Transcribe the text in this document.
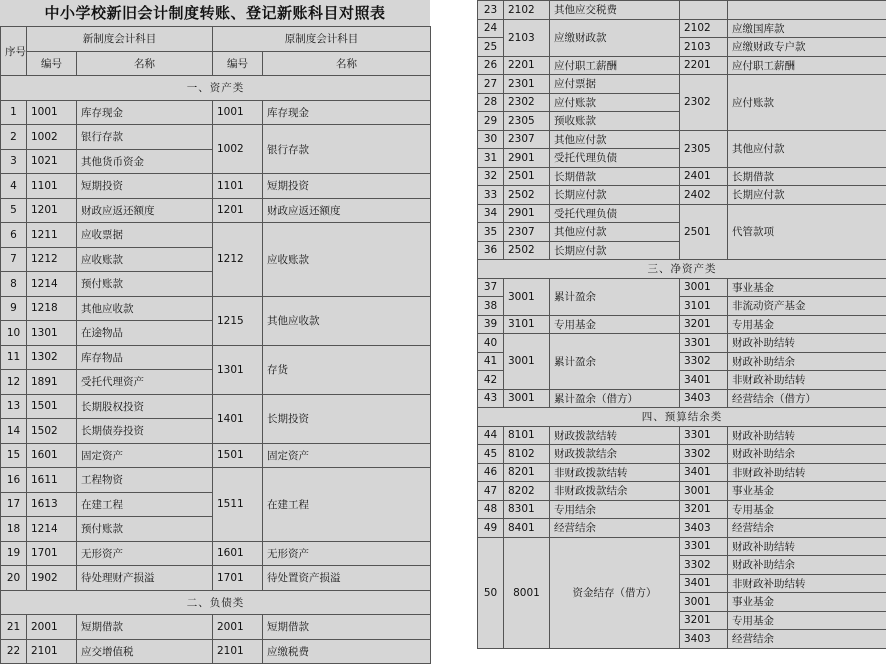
中小学校新旧会计制度转账、登记新账科目对照表
序号	新制度会计科目		原制度会计科目	
	编号	名称	编号	名称
一、资产类				
1	1001	库存现金	1001	库存现金
2	1002	银行存款	1002	银行存款
3	1021	其他货币资金		
4	1101	短期投资	1101	短期投资
5	1201	财政应返还额度	1201	财政应返还额度
6	1211	应收票据	1212	应收账款
7	1212	应收账款		
8	1214	预付账款		
9	1218	其他应收款	1215	其他应收款
10	1301	在途物品		
11	1302	库存物品	1301	存货
12	1891	受托代理资产		
13	1501	长期股权投资	1401	长期投资
14	1502	长期债券投资		
15	1601	固定资产	1501	固定资产
16	1611	工程物资	1511	在建工程
17	1613	在建工程		
18	1214	预付账款		
19	1701	无形资产	1601	无形资产
20	1902	待处理财产损溢	1701	待处置资产损溢
二、负债类				
21	2001	短期借款	2001	短期借款
22	2101	应交增值税	2101	应缴税费
23	2102	其他应交税费		
24	2103	应缴财政款	2102	应缴国库款
25			2103	应缴财政专户款
26	2201	应付职工薪酬	2201	应付职工薪酬
27	2301	应付票据	2302	应付账款
28	2302	应付账款		
29	2305	预收账款		
30	2307	其他应付款	2305	其他应付款
31	2901	受托代理负债		
32	2501	长期借款	2401	长期借款
33	2502	长期应付款	2402	长期应付款
34	2901	受托代理负债	2501	代管款项
35	2307	其他应付款		
36	2502	长期应付款		
三、净资产类				
37	3001	累计盈余	3001	事业基金
38			3101	非流动资产基金
39	3101	专用基金	3201	专用基金
40	3001	累计盈余	3301	财政补助结转
41			3302	财政补助结余
42			3401	非财政补助结转
43	3001	累计盈余（借方）	3403	经营结余（借方）
四、预算结余类				
44	8101	财政拨款结转	3301	财政补助结转
45	8102	财政拨款结余	3302	财政补助结余
46	8201	非财政拨款结转	3401	非财政补助结转
47	8202	非财政拨款结余	3001	事业基金
48	8301	专用结余	3201	专用基金
49	8401	经营结余	3403	经营结余
50	8001	资金结存（借方）	3301	财政补助结转
			3302	财政补助结余
			3401	非财政补助结转
			3001	事业基金
			3201	专用基金
			3403	经营结余
